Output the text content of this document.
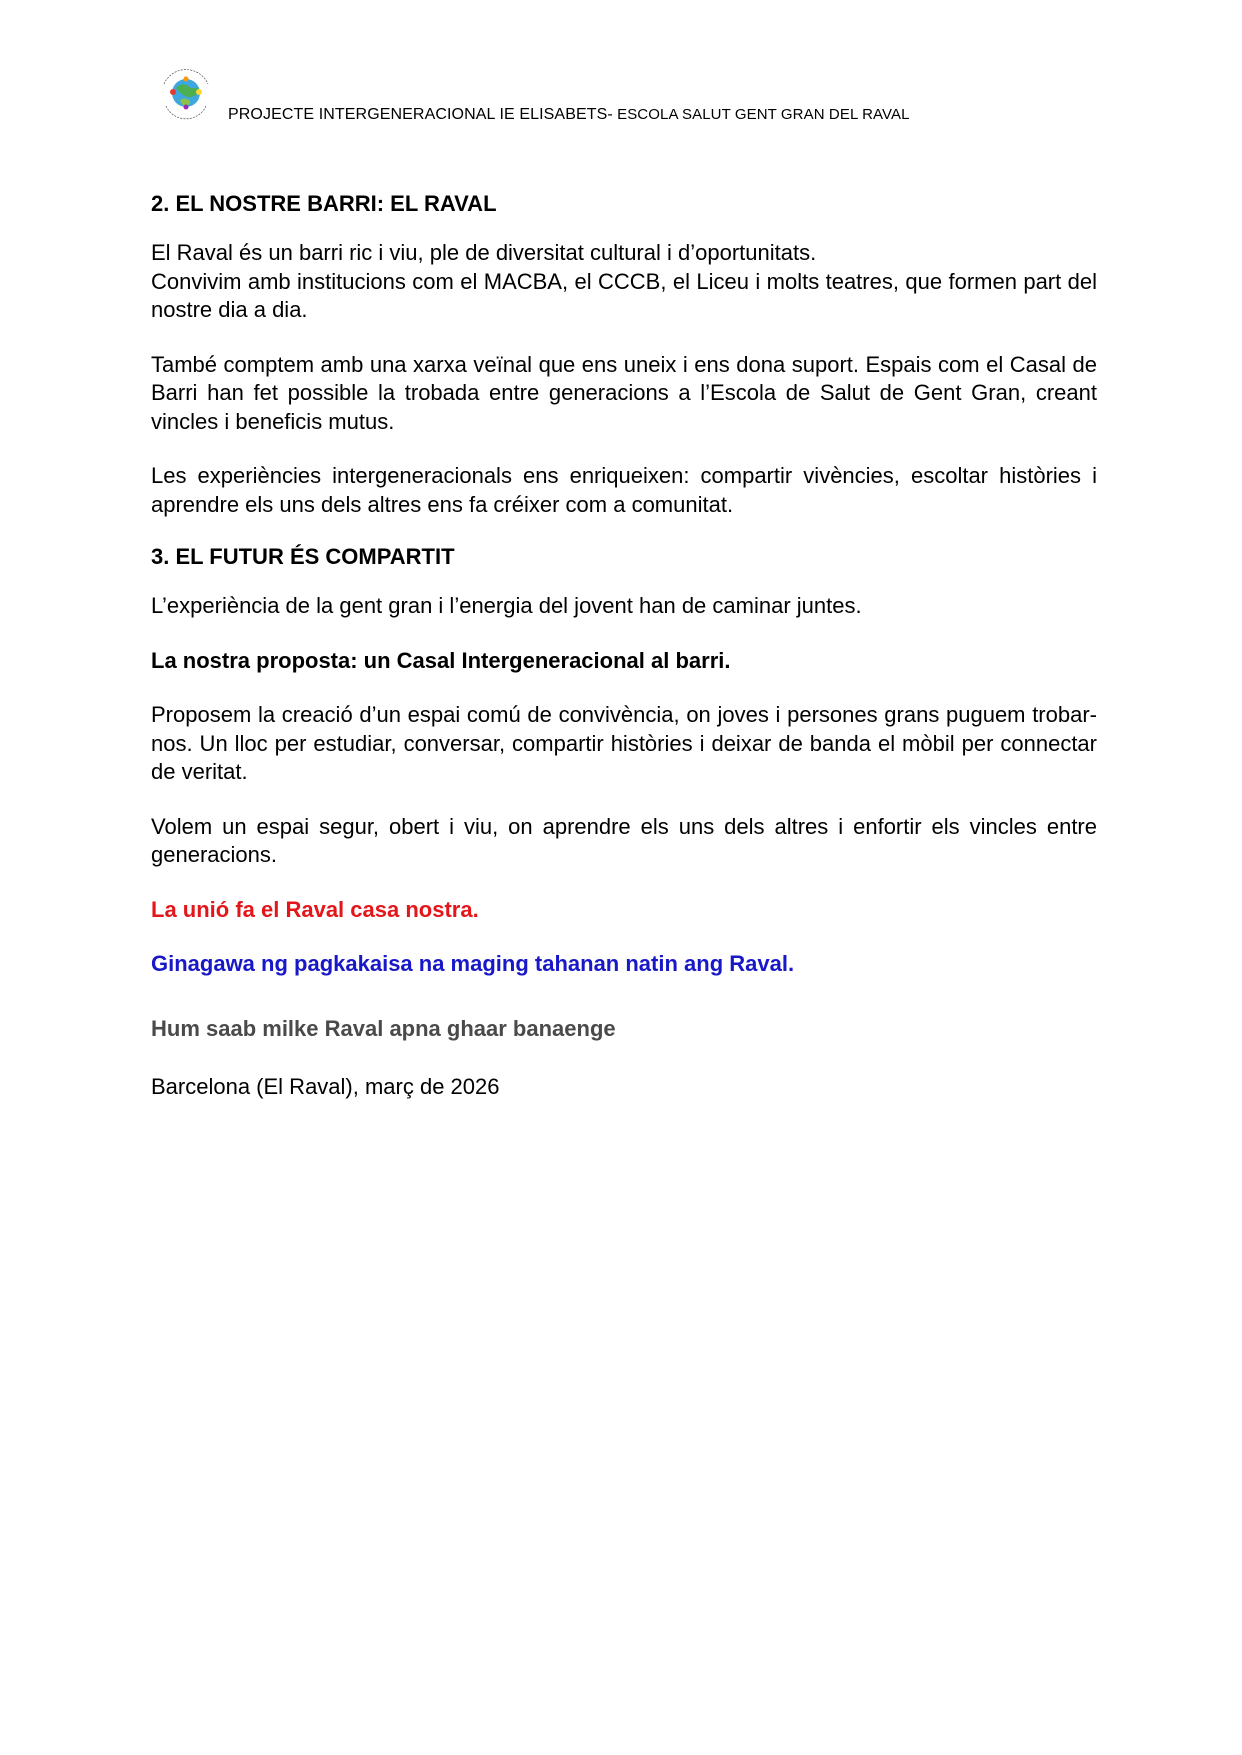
PROJECTE INTERGENERACIONAL IE ELISABETS- ESCOLA SALUT GENT GRAN DEL RAVAL
2. EL NOSTRE BARRI: EL RAVAL

El Raval és un barri ric i viu, ple de diversitat cultural i d’oportunitats.
Convivim amb institucions com el MACBA, el CCCB, el Liceu i molts teatres, que formen part del nostre dia a dia.

També comptem amb una xarxa veïnal que ens uneix i ens dona suport. Espais com el Casal de Barri han fet possible la trobada entre generacions a l’Escola de Salut de Gent Gran, creant vincles i beneficis mutus.

Les experiències intergeneracionals ens enriqueixen: compartir vivències, escoltar històries i aprendre els uns dels altres ens fa créixer com a comunitat.

3. EL FUTUR ÉS COMPARTIT

L’experiència de la gent gran i l’energia del jovent han de caminar juntes.

La nostra proposta: un Casal Intergeneracional al barri.

Proposem la creació d’un espai comú de convivència, on joves i persones grans puguem trobar-nos. Un lloc per estudiar, conversar, compartir històries i deixar de banda el mòbil per connectar de veritat.

Volem un espai segur, obert i viu, on aprendre els uns dels altres i enfortir els vincles entre generacions.

La unió fa el Raval casa nostra.

Ginagawa ng pagkakaisa na maging tahanan natin ang Raval.

Hum saab milke Raval apna ghaar banaenge

Barcelona (El Raval), març de 2026
